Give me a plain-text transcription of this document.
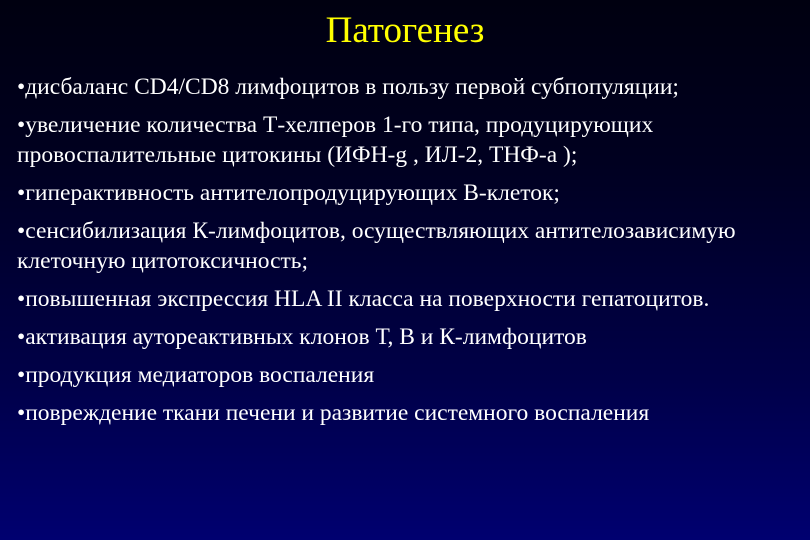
Патогенез
•дисбаланс CD4/CD8 лимфоцитов в пользу первой субпопуляции;
•увеличение количества Т-хелперов 1-го типа, продуцирующих провоспалительные цитокины (ИФН-g , ИЛ-2, ТНФ-a );
•гиперактивность антителопродуцирующих В-клеток;
•сенсибилизация К-лимфоцитов, осуществляющих антителозависимую клеточную цитотоксичность;
•повышенная экспрессия HLA II класса на поверхности гепатоцитов.
•активация аутореактивных клонов Т, В и К-лимфоцитов
•продукция медиаторов воспаления
•повреждение ткани печени и развитие системного воспаления
